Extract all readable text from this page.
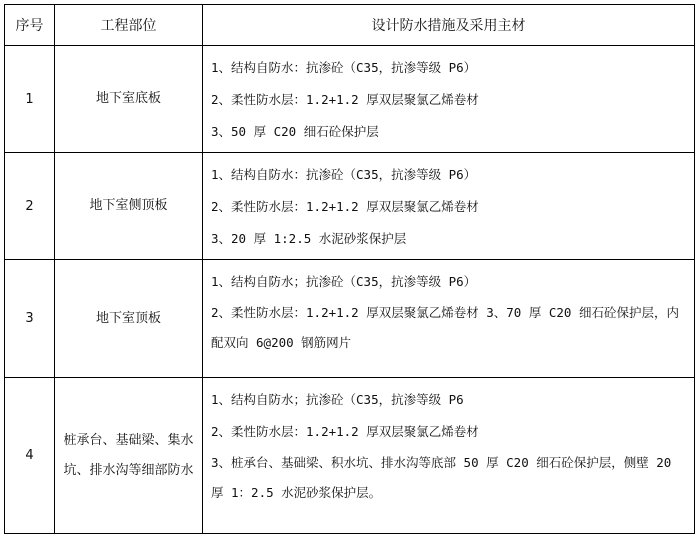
序号	工程部位	设计防水措施及采用主材
1	地下室底板	1、结构自防水：抗渗砼（C35，抗渗等级 P6）
2、柔性防水层：1.2+1.2 厚双层聚氯乙烯卷材
3、50 厚 C20 细石砼保护层

2	地下室侧顶板	1、结构自防水：抗渗砼（C35，抗渗等级 P6）
2、柔性防水层：1.2+1.2 厚双层聚氯乙烯卷材
3、20 厚 1:2.5 水泥砂浆保护层

3	地下室顶板	1、结构自防水；抗渗砼（C35，抗渗等级 P6）
2、柔性防水层：1.2+1.2 厚双层聚氯乙烯卷材 3、70 厚 C20 细石砼保护层，内配双向 6@200 钢筋网片

4	桩承台、基础梁、集水坑、排水沟等细部防水	1、结构自防水；抗渗砼（C35，抗渗等级 P6
2、柔性防水层：1.2+1.2 厚双层聚氯乙烯卷材
3、桩承台、基础梁、积水坑、排水沟等底部 50 厚 C20 细石砼保护层，侧壁 20 厚 1：2.5 水泥砂浆保护层。
